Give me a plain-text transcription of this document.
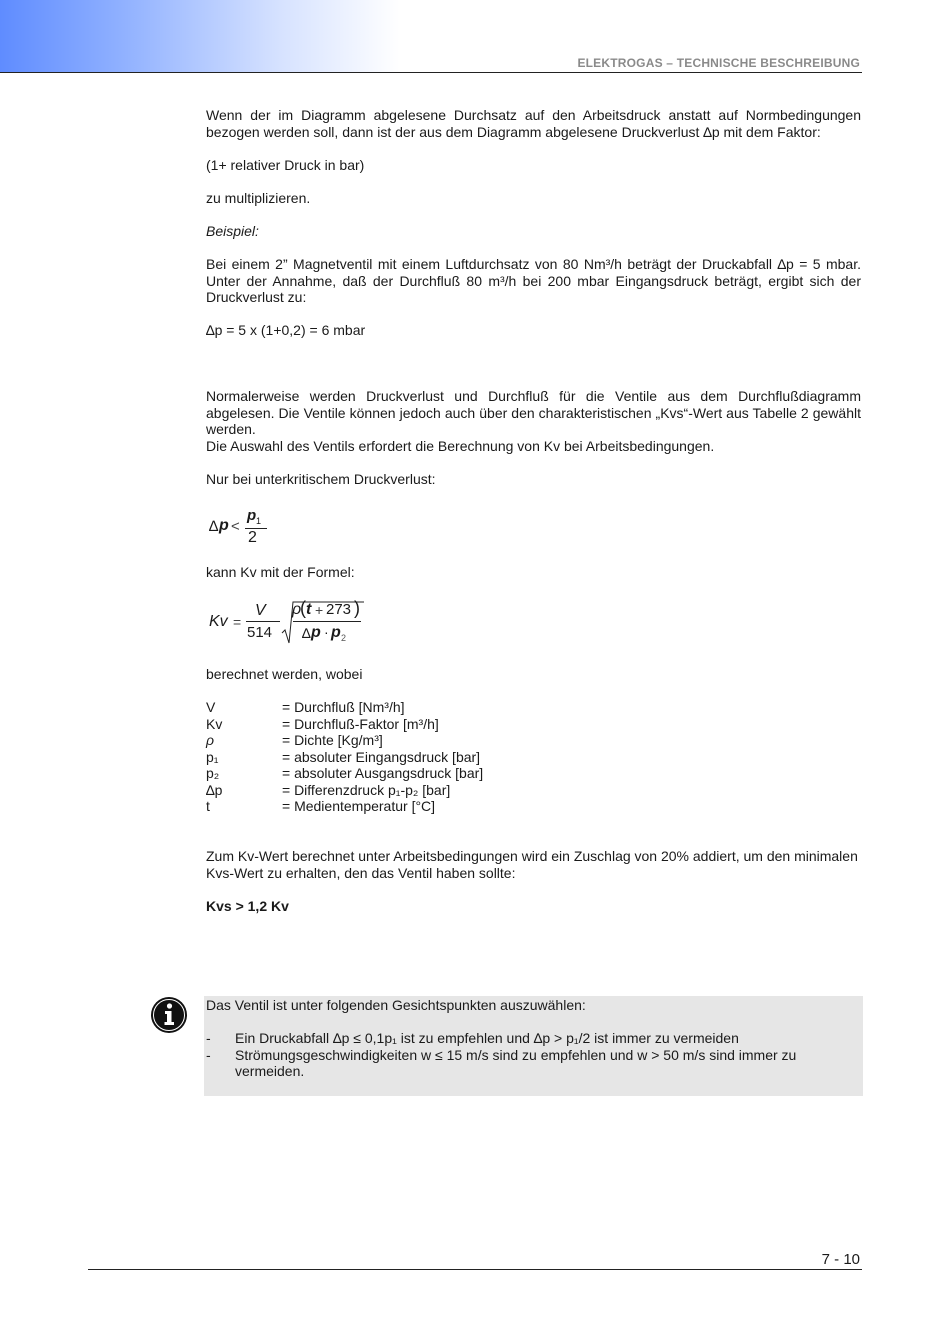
ELEKTROGAS – TECHNISCHE BESCHREIBUNG
Wenn der im Diagramm abgelesene Durchsatz auf den Arbeitsdruck anstatt auf Normbedingungen bezogen werden soll, dann ist der aus dem Diagramm abgelesene Druckverlust ∆p mit dem Faktor:
(1+ relativer Druck in bar)
zu multiplizieren.
Beispiel:
Bei einem 2” Magnetventil mit einem Luftdurchsatz von 80 Nm³/h beträgt der Druckabfall ∆p = 5 mbar. Unter der Annahme, daß der Durchfluß 80 m³/h bei 200 mbar Eingangsdruck beträgt, ergibt sich der Druckverlust zu:
∆p = 5 x (1+0,2) = 6 mbar
Normalerweise werden Druckverlust und Durchfluß für die Ventile aus dem Durchflußdiagramm abgelesen. Die Ventile können jedoch auch über den charakteristischen „Kvs“-Wert aus Tabelle 2 gewählt werden.
Die Auswahl des Ventils erfordert die Berechnung von Kv bei Arbeitsbedingungen.
Nur bei unterkritischem Druckverlust:
∆ p <
p 1
2
kann Kv mit der Formel:
Kv =
V
514
ρ
( t + 273 )
∆ p · p 2
berechnet werden, wobei
V	= Durchfluß [Nm³/h]
Kv	= Durchfluß-Faktor [m³/h]
ρ	= Dichte [Kg/m³]
p₁	= absoluter Eingangsdruck [bar]
p₂	= absoluter Ausgangsdruck [bar]
∆p	= Differenzdruck p₁-p₂ [bar]
t	= Medientemperatur [°C]
Zum Kv-Wert berechnet unter Arbeitsbedingungen wird ein Zuschlag von 20% addiert, um den minimalen Kvs-Wert zu erhalten, den das Ventil haben sollte:
Kvs > 1,2 Kv
Das Ventil ist unter folgenden Gesichtspunkten auszuwählen:
- Ein Druckabfall ∆p ≤ 0,1p₁ ist zu empfehlen und ∆p > p₁/2 ist immer zu vermeiden
- Strömungsgeschwindigkeiten w ≤ 15 m/s sind zu empfehlen und w > 50 m/s sind immer zu vermeiden.
7 - 10
